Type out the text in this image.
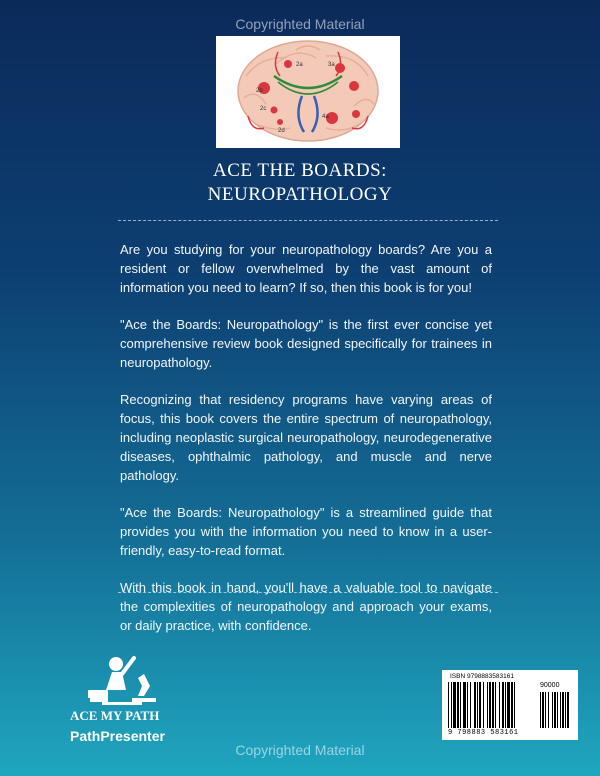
Copyrighted Material
2a	3a
2b
2c
2d
4a
ACE THE BOARDS:
NEUROPATHOLOGY

Are you studying for your neuropathology boards? Are you a resident or fellow overwhelmed by the vast amount of information you need to learn? If so, then this book is for you!

"Ace the Boards: Neuropathology" is the first ever concise yet comprehensive review book designed specifically for trainees in neuropathology.

Recognizing that residency programs have varying areas of focus, this book covers the entire spectrum of neuropathology, including neoplastic surgical neuropathology, neurodegenerative diseases, ophthalmic pathology, and muscle and nerve pathology.

"Ace the Boards: Neuropathology" is a streamlined guide that provides you with the information you need to know in a user-friendly, easy-to-read format.

With this book in hand, you'll have a valuable tool to navigate the complexities of neuropathology and approach your exams, or daily practice, with confidence.

ACE MY PATH
PathPresenter
ISBN 9798883583161
90000
9 798883 583161
Copyrighted Material
